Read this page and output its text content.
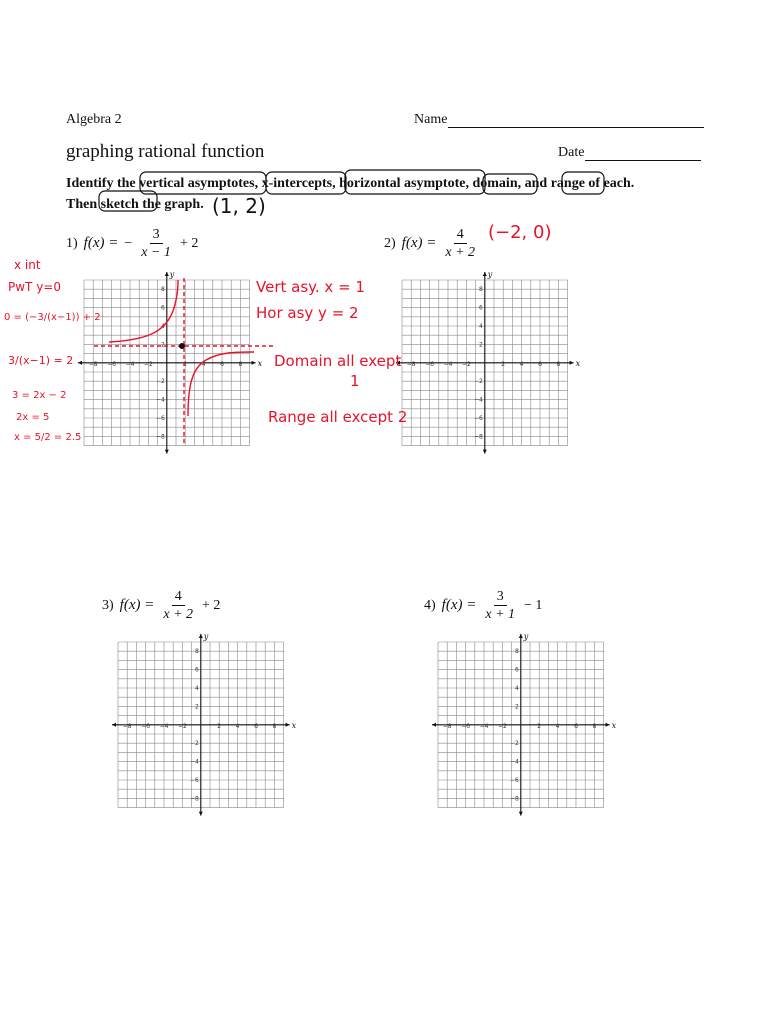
Algebra 2	Name
graphing rational function	Date
Identify the vertical asymptotes, x-intercepts, horizontal asymptote, domain, and range of each.
Then sketch the graph.
1) f(x) = − $\frac{3}{x - 1} + 2$	2) $f(x) = \frac{4}{x + 2}$
3) $f(x) = \frac{4}{x + 2} + 2$	4) $f(x) = \frac{3}{x + 1} - 1$
−8 −6 −4 −2	2 4 6 8
8
6
4
2
−2
−4
−6
−8
x
y
−8 −6 −4 −2	2 4 6 8
8
6
4
2
−2
−4
−6
−8
x
y
−8 −6 −4 −2	2 4 6 8
8
6
4
2
−2
−4
−6
−8
x
y
−8 −6 −4 −2	2 4 6 8
8
6
4
2
−2
−4
−6
−8
x
y
(1, 2)
(−2, 0)
x int
PwT y=0
0 = (−3/(x−1)) + 2
3/(x−1) = 2
3 = 2x − 2
2x = 5
x = 5/2 = 2.5
Vert asy. x = 1
Hor asy y = 2
Domain all exept
1
Range all except 2
